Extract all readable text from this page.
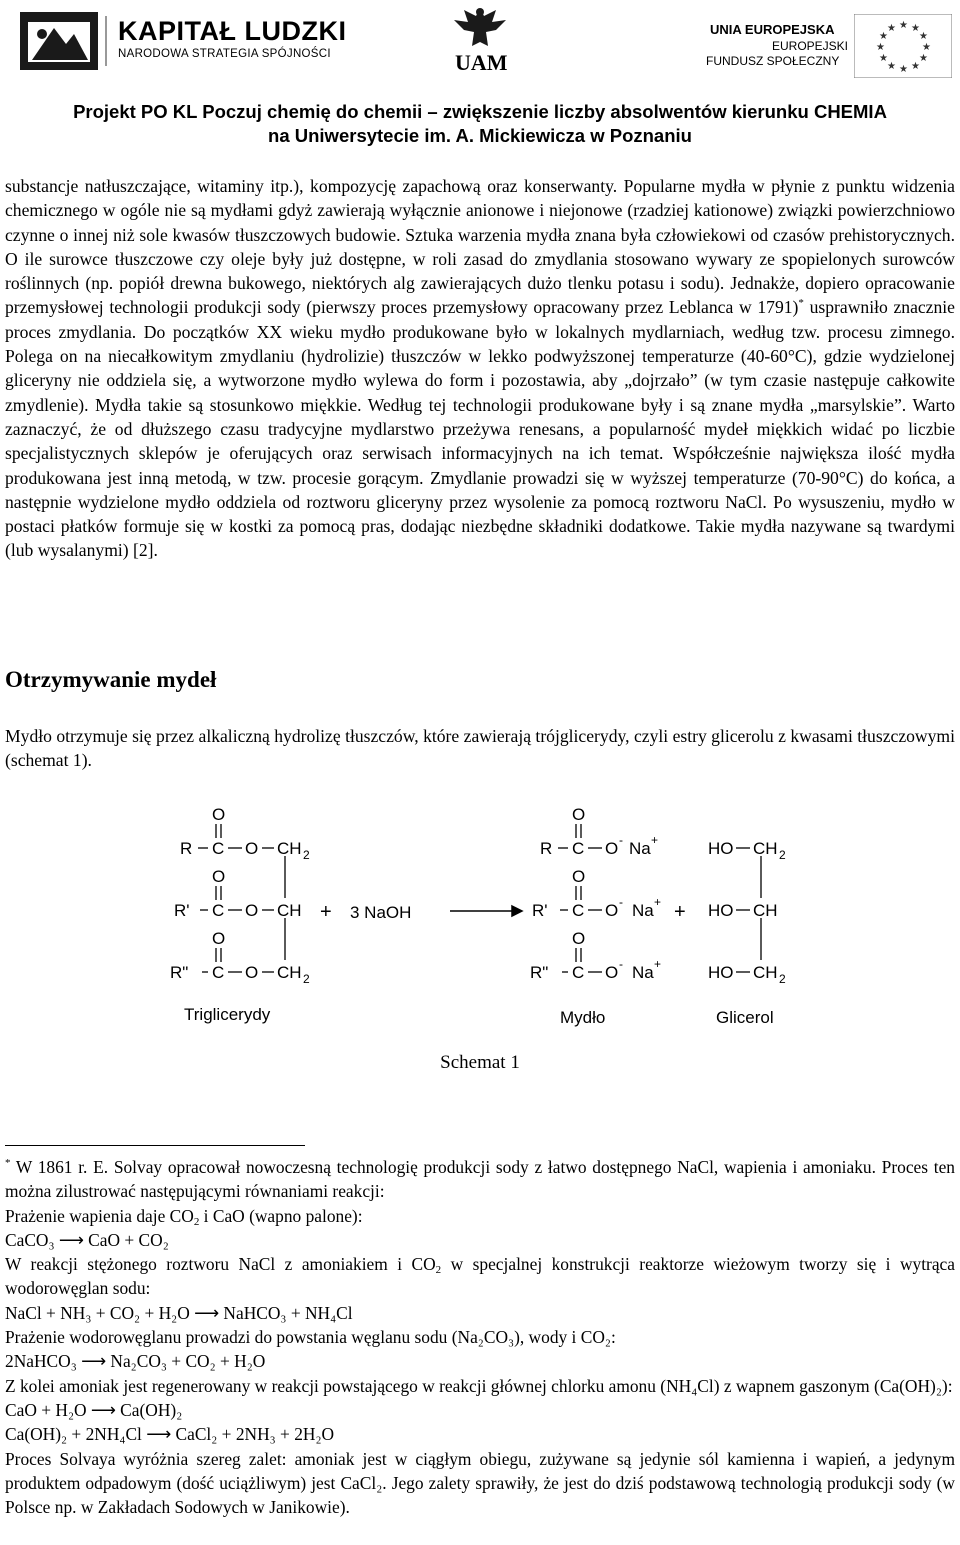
KAPITAŁ LUDZKI
NARODOWA STRATEGIA SPÓJNOŚCI	UAM
UNIA EUROPEJSKA
EUROPEJSKI
FUNDUSZ SPOŁECZNY
★ ★
★
★
★
★
★
★
★
★
★
★
Projekt PO KL Poczuj chemię do chemii – zwiększenie liczby absolwentów kierunku CHEMIA
na Uniwersytecie im. A. Mickiewicza w Poznaniu

substancje natłuszczające, witaminy itp.), kompozycję zapachową oraz konserwanty. Popularne mydła w płynie z punktu widzenia chemicznego w ogóle nie są mydłami gdyż zawierają wyłącznie anionowe i niejonowe (rzadziej kationowe) związki powierzchniowo czynne o innej niż sole kwasów tłuszczowych budowie. Sztuka warzenia mydła znana była człowiekowi od czasów prehistorycznych. O ile surowce tłuszczowe czy oleje były już dostępne, w roli zasad do zmydlania stosowano wywary ze spopielonych surowców roślinnych (np. popiół drewna bukowego, niektórych alg zawierających dużo tlenku potasu i sodu). Jednakże, dopiero opracowanie przemysłowej technologii produkcji sody (pierwszy proces przemysłowy opracowany przez Leblanca w 1791)* usprawniło znacznie proces zmydlania. Do początków XX wieku mydło produkowane było w lokalnych mydlarniach, według tzw. procesu zimnego. Polega on na niecałkowitym zmydlaniu (hydrolizie) tłuszczów w lekko podwyższonej temperaturze (40-60°C), gdzie wydzielonej gliceryny nie oddziela się, a wytworzone mydło wylewa do form i pozostawia, aby „dojrzało” (w tym czasie następuje całkowite zmydlenie). Mydła takie są stosunkowo miękkie. Według tej technologii produkowane były i są znane mydła „marsylskie”. Warto zaznaczyć, że od dłuższego czasu tradycyjne mydlarstwo przeżywa renesans, a popularność mydeł miękkich widać po liczbie specjalistycznych sklepów je oferujących oraz serwisach informacyjnych na ich temat. Współcześnie największa ilość mydła produkowana jest inną metodą, w tzw. procesie gorącym. Zmydlanie prowadzi się w wyższej temperaturze (70-90°C) do końca, a następnie wydzielone mydło oddziela od roztworu gliceryny przez wysolenie za pomocą roztworu NaCl. Po wysuszeniu, mydło w postaci płatków formuje się w kostki za pomocą pras, dodając niezbędne składniki dodatkowe. Takie mydła nazywane są twardymi (lub wysalanymi) [2].

Otrzymywanie mydeł
Mydło otrzymuje się przez alkaliczną hydrolizę tłuszczów, które zawierają trójglicerydy, czyli estry glicerolu z kwasami tłuszczowymi (schemat 1).
O
R C O CH 2
O
R' C O CH
O
R" C O CH 2
Triglicerydy
+ 3 NaOH
O
R C O - Na +
O
R' C O - Na +
O
R" C O - Na +
Mydło
+
HO CH 2
HO CH
HO CH 2
Glicerol
Schemat 1

* W 1861 r. E. Solvay opracował nowoczesną technologię produkcji sody z łatwo dostępnego NaCl, wapienia i amoniaku. Proces ten można zilustrować następującymi równaniami reakcji:

Prażenie wapienia daje $CO_2$ i CaO (wapno palone):

CaCO₃ ⟶ CaO + CO₂

W reakcji stężonego roztworu NaCl z amoniakiem i $CO_2$ w specjalnej konstrukcji reaktorze wieżowym tworzy się i wytrąca wodorowęglan sodu:

NaCl + NH₃ + CO₂ + H₂O ⟶ NaHCO₃ + NH₄Cl

Prażenie wodorowęglanu prowadzi do powstania węglanu sodu (Na₂CO₃), wody i CO₂:

2NaHCO₃ ⟶ Na₂CO₃ + CO₂ + H₂O

Z kolei amoniak jest regenerowany w reakcji powstającego w reakcji głównej chlorku amonu (NH₄Cl) z wapnem gaszonym (Ca(OH)₂):

CaO + H₂O ⟶ Ca(OH)₂

Ca(OH)₂ + 2NH₄Cl ⟶ CaCl₂ + 2NH₃ + 2H₂O

Proces Solvaya wyróżnia szereg zalet: amoniak jest w ciągłym obiegu, zużywane są jedynie sól kamienna i wapień, a jedynym produktem odpadowym (dość uciążliwym) jest CaCl₂. Jego zalety sprawiły, że jest do dziś podstawową technologią produkcji sody (w Polsce np. w Zakładach Sodowych w Janikowie).
